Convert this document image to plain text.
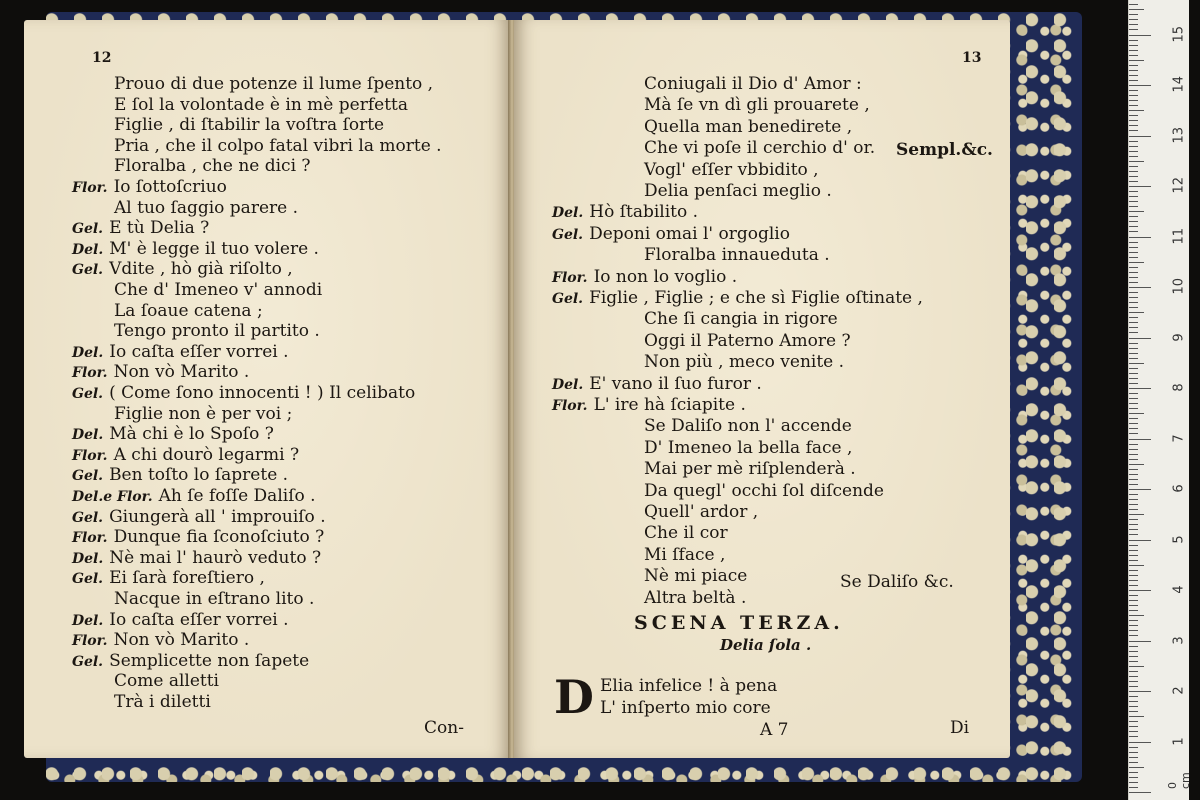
12
Con-
Prouo di due potenze il lume ſpento ,
E ſol la volontade è in mè perfetta
Figlie , di ſtabilir la voſtra ſorte
Pria , che il colpo fatal vibri la morte .
Floralba , che ne dici ?
Flor. Io ſottoſcriuo
Al tuo ſaggio parere .
Gel. E tù Delia ?
Del. M' è legge il tuo volere .
Gel. Vdite , hò già riſolto ,
Che d' Imeneo v' annodi
La ſoaue catena ;
Tengo pronto il partito .
Del. Io caſta eſſer vorrei .
Flor. Non vò Marito .
Gel. ( Come ſono innocenti ! ) Il celibato
Figlie non è per voi ;
Del. Mà chi è lo Spoſo ?
Flor. A chi dourò legarmi ?
Gel. Ben toſto lo ſaprete .
Del.e Flor. Ah ſe foſſe Daliſo .
Gel. Giungerà all ' improuiſo .
Flor. Dunque fia ſconoſciuto ?
Del. Nè mai l' haurò veduto ?
Gel. Ei ſarà foreſtiero ,
Nacque in eſtrano lito .
Del. Io caſta eſſer vorrei .
Flor. Non vò Marito .
Gel. Semplicette non ſapete
Come alletti
Trà i diletti
13
Sempl.&c.
Se Daliſo &c.
SCENA TERZA.
Delia ſola .
D Elia infelice ! à pena
L' inſperto mio core
A 7	Di
Coniugali il Dio d' Amor :
Mà ſe vn dì gli prouarete ,
Quella man benedirete ,
Che vi poſe il cerchio d' or.
Vogl' eſſer vbbidito ,
Delia penſaci meglio .
Del. Hò ſtabilito .
Gel. Deponi omai l' orgoglio
Floralba innaueduta .
Flor. Io non lo voglio .
Gel. Figlie , Figlie ; e che sì Figlie oſtinate ,
Che ſi cangia in rigore
Oggi il Paterno Amore ?
Non più , meco venite .
Del. E' vano il ſuo furor .
Flor. L' ire hà ſciapite .
Se Daliſo non l' accende
D' Imeneo la bella face ,
Mai per mè riſplenderà .
Da quegl' occhi ſol diſcende
Quell' ardor ,
Che il cor
Mi ſface ,
Nè mi piace
Altra beltà .
0 cm
15
14
13
12
11
10
9
8
7
6
5
4
3
2
1
